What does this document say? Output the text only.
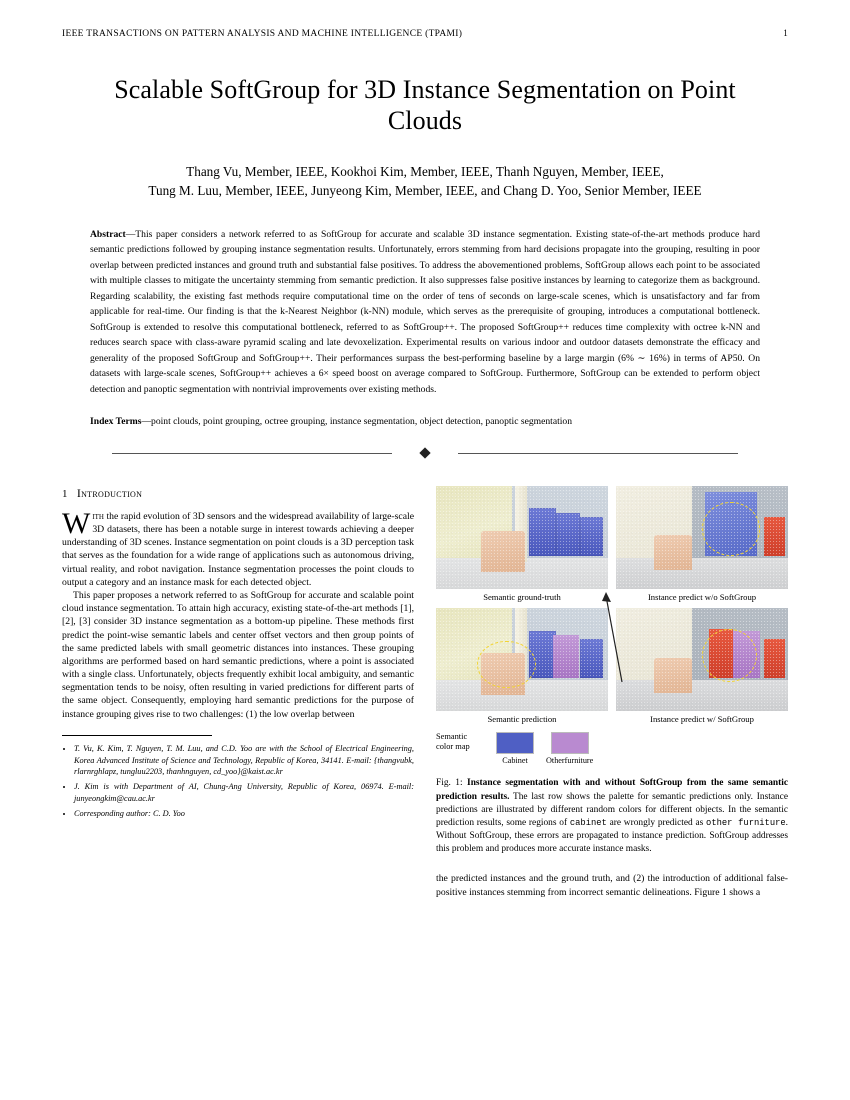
IEEE TRANSACTIONS ON PATTERN ANALYSIS AND MACHINE INTELLIGENCE (TPAMI)	1
Scalable SoftGroup for 3D Instance Segmentation on Point Clouds
Thang Vu, Member, IEEE, Kookhoi Kim, Member, IEEE, Thanh Nguyen, Member, IEEE,
Tung M. Luu, Member, IEEE, Junyeong Kim, Member, IEEE, and Chang D. Yoo, Senior Member, IEEE
Abstract—This paper considers a network referred to as SoftGroup for accurate and scalable 3D instance segmentation. Existing state-of-the-art methods produce hard semantic predictions followed by grouping instance segmentation results. Unfortunately, errors stemming from hard decisions propagate into the grouping, resulting in poor overlap between predicted instances and ground truth and substantial false positives. To address the abovementioned problems, SoftGroup allows each point to be associated with multiple classes to mitigate the uncertainty stemming from semantic prediction. It also suppresses false positive instances by learning to categorize them as background. Regarding scalability, the existing fast methods require computational time on the order of tens of seconds on large-scale scenes, which is unsatisfactory and far from applicable for real-time. Our finding is that the k-Nearest Neighbor (k-NN) module, which serves as the prerequisite of grouping, introduces a computational bottleneck. SoftGroup is extended to resolve this computational bottleneck, referred to as SoftGroup++. The proposed SoftGroup++ reduces time complexity with octree k-NN and reduces search space with class-aware pyramid scaling and late devoxelization. Experimental results on various indoor and outdoor datasets demonstrate the efficacy and generality of the proposed SoftGroup and SoftGroup++. Their performances surpass the best-performing baseline by a large margin (6% ∼ 16%) in terms of AP50. On datasets with large-scale scenes, SoftGroup++ achieves a 6× speed boost on average compared to SoftGroup. Furthermore, SoftGroup can be extended to perform object detection and panoptic segmentation with nontrivial improvements over existing methods.
Index Terms—point clouds, point grouping, octree grouping, instance segmentation, object detection, panoptic segmentation
1 Introduction

With the rapid evolution of 3D sensors and the widespread availability of large-scale 3D datasets, there has been a notable surge in interest towards achieving a deeper understanding of 3D scenes. Instance segmentation on point clouds is a 3D perception task that serves as the foundation for a wide range of applications such as autonomous driving, virtual reality, and robot navigation. Instance segmentation processes the point clouds to output a category and an instance mask for each detected object.

This paper proposes a network referred to as SoftGroup for accurate and scalable point cloud instance segmentation. To attain high accuracy, existing state-of-the-art methods [1], [2], [3] consider 3D instance segmentation as a bottom-up pipeline. These methods first predict the point-wise semantic labels and center offset vectors and then group points of the same predicted labels with small geometric distances into instances. These grouping algorithms are performed based on hard semantic predictions, where a point is associated with a single class. Unfortunately, objects frequently exhibit local ambiguity, and semantic segmentation tends to be noisy, often resulting in varied predictions for different parts of the same object. Consequently, employing hard semantic predictions for the purpose of instance grouping gives rise to two challenges: (1) the low overlap between

• T. Vu, K. Kim, T. Nguyen, T. M. Luu, and C.D. Yoo are with the School of Electrical Engineering, Korea Advanced Institute of Science and Technology, Republic of Korea, 34141. E-mail: {thangvubk, rlarnrghlapz, tungluu2203, thanhnguyen, cd_yoo}@kaist.ac.kr
• J. Kim is with Department of AI, Chung-Ang University, Republic of Korea, 06974. E-mail: junyeongkim@cau.ac.kr
• Corresponding author: C. D. Yoo
Semantic ground-truth	Instance predict w/o SoftGroup
Semantic prediction	Instance predict w/ SoftGroup
Semantic
color map
Cabinet	Otherfurniture
Fig. 1: Instance segmentation with and without SoftGroup from the same semantic prediction results. The last row shows the palette for semantic predictions only. Instance predictions are illustrated by different random colors for different objects. In the semantic prediction results, some regions of cabinet are wrongly predicted as other furniture. Without SoftGroup, these errors are propagated to instance prediction. SoftGroup addresses this problem and produces more accurate instance masks.

the predicted instances and the ground truth, and (2) the introduction of additional false-positive instances stemming from incorrect semantic delineations. Figure 1 shows a
